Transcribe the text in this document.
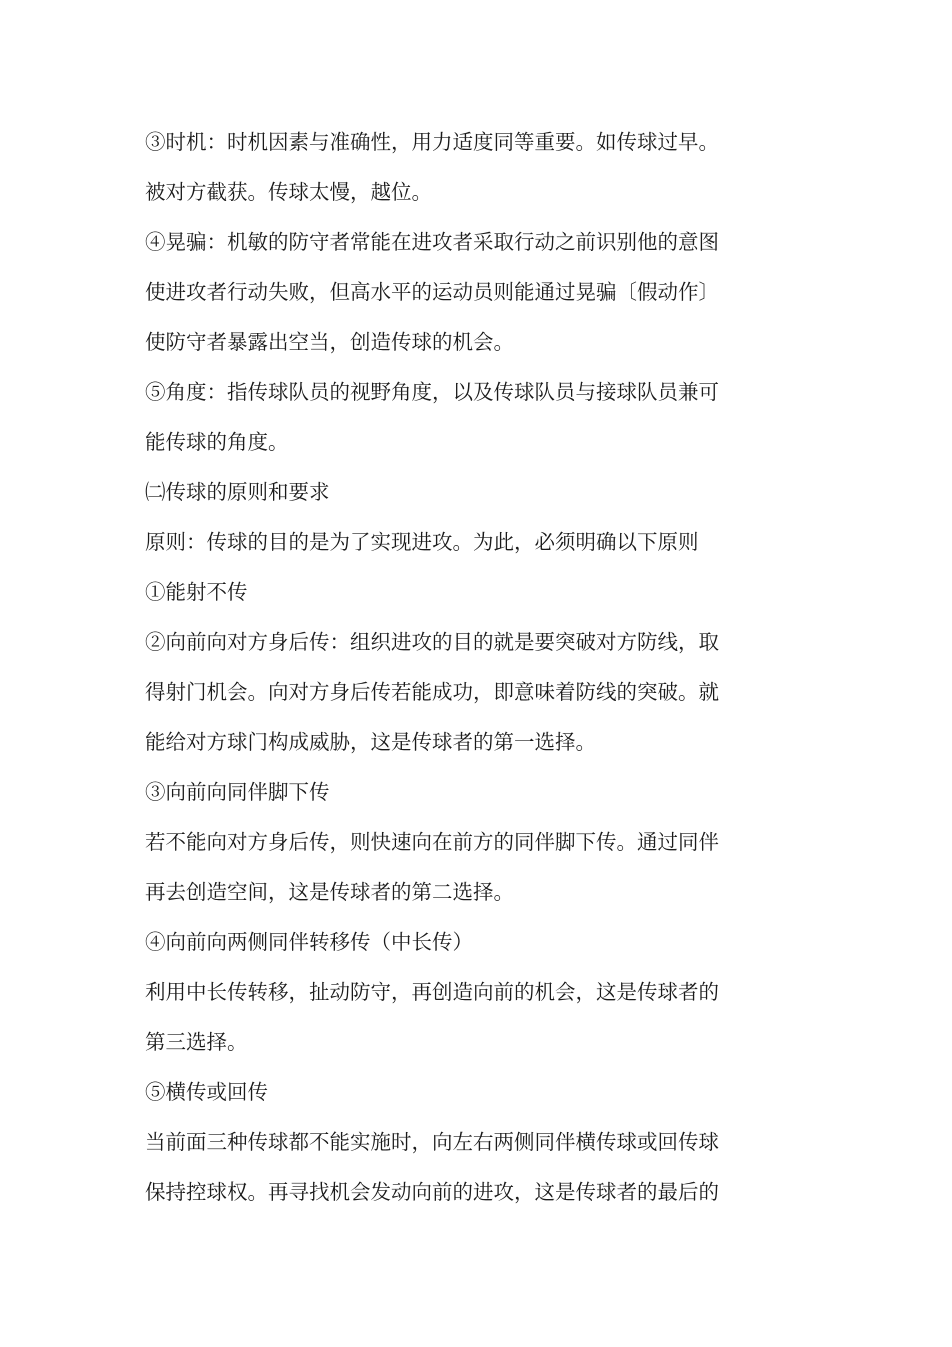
③时机：时机因素与准确性，用力适度同等重要。如传球过早。
被对方截获。传球太慢，越位。
④晃骗：机敏的防守者常能在进攻者采取行动之前识别他的意图
使进攻者行动失败，但高水平的运动员则能通过晃骗〔假动作〕
使防守者暴露出空当，创造传球的机会。
⑤角度：指传球队员的视野角度，以及传球队员与接球队员兼可
能传球的角度。
㈡传球的原则和要求
原则：传球的目的是为了实现进攻。为此，必须明确以下原则
①能射不传
②向前向对方身后传：组织进攻的目的就是要突破对方防线，取
得射门机会。向对方身后传若能成功，即意味着防线的突破。就
能给对方球门构成威胁，这是传球者的第一选择。
③向前向同伴脚下传
若不能向对方身后传，则快速向在前方的同伴脚下传。通过同伴
再去创造空间，这是传球者的第二选择。
④向前向两侧同伴转移传（中长传）
利用中长传转移，扯动防守，再创造向前的机会，这是传球者的
第三选择。
⑤横传或回传
当前面三种传球都不能实施时，向左右两侧同伴横传球或回传球
保持控球权。再寻找机会发动向前的进攻，这是传球者的最后的
